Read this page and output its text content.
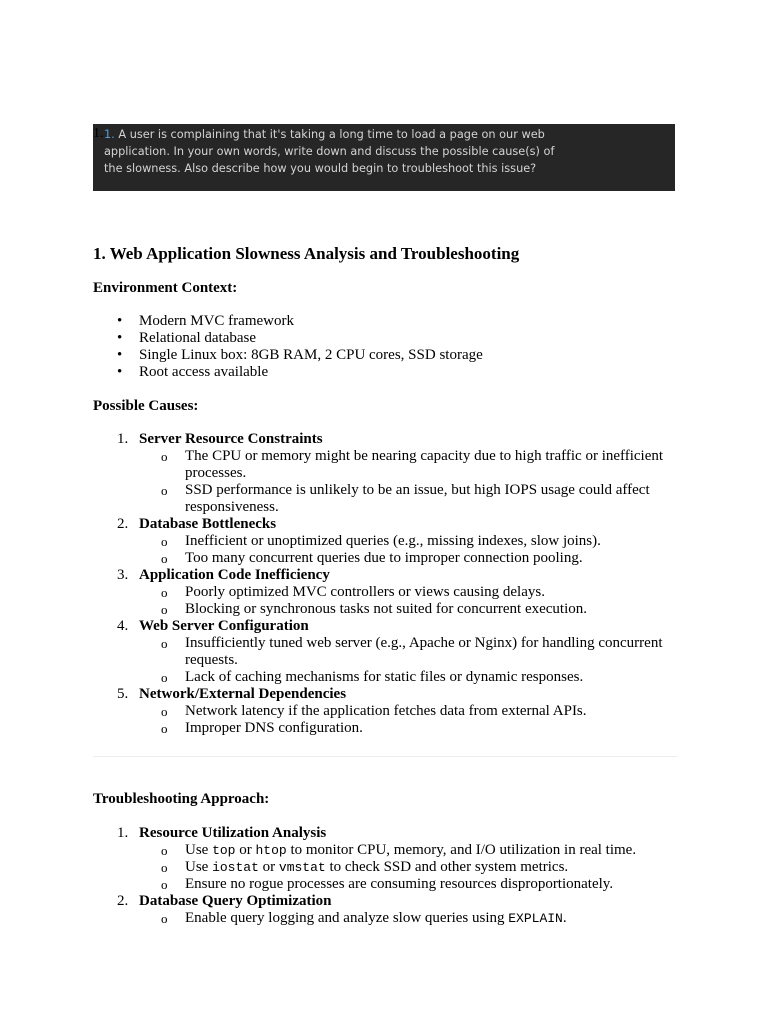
1. 1. A user is complaining that it's taking a long time to load a page on our web application. In your own words, write down and discuss the possible cause(s) of the slowness. Also describe how you would begin to troubleshoot this issue?
1. Web Application Slowness Analysis and Troubleshooting

Environment Context:

• Modern MVC framework
• Relational database
• Single Linux box: 8GB RAM, 2 CPU cores, SSD storage
• Root access available

Possible Causes:

1. Server Resource Constraints
o The CPU or memory might be nearing capacity due to high traffic or inefficient processes.
o SSD performance is unlikely to be an issue, but high IOPS usage could affect responsiveness.
2. Database Bottlenecks
o Inefficient or unoptimized queries (e.g., missing indexes, slow joins).
o Too many concurrent queries due to improper connection pooling.
3. Application Code Inefficiency
o Poorly optimized MVC controllers or views causing delays.
o Blocking or synchronous tasks not suited for concurrent execution.
4. Web Server Configuration
o Insufficiently tuned web server (e.g., Apache or Nginx) for handling concurrent requests.
o Lack of caching mechanisms for static files or dynamic responses.
5. Network/External Dependencies
o Network latency if the application fetches data from external APIs.
o Improper DNS configuration.

Troubleshooting Approach:

1. Resource Utilization Analysis
o Use top or htop to monitor CPU, memory, and I/O utilization in real time.
o Use iostat or vmstat to check SSD and other system metrics.
o Ensure no rogue processes are consuming resources disproportionately.
2. Database Query Optimization
o Enable query logging and analyze slow queries using EXPLAIN.
